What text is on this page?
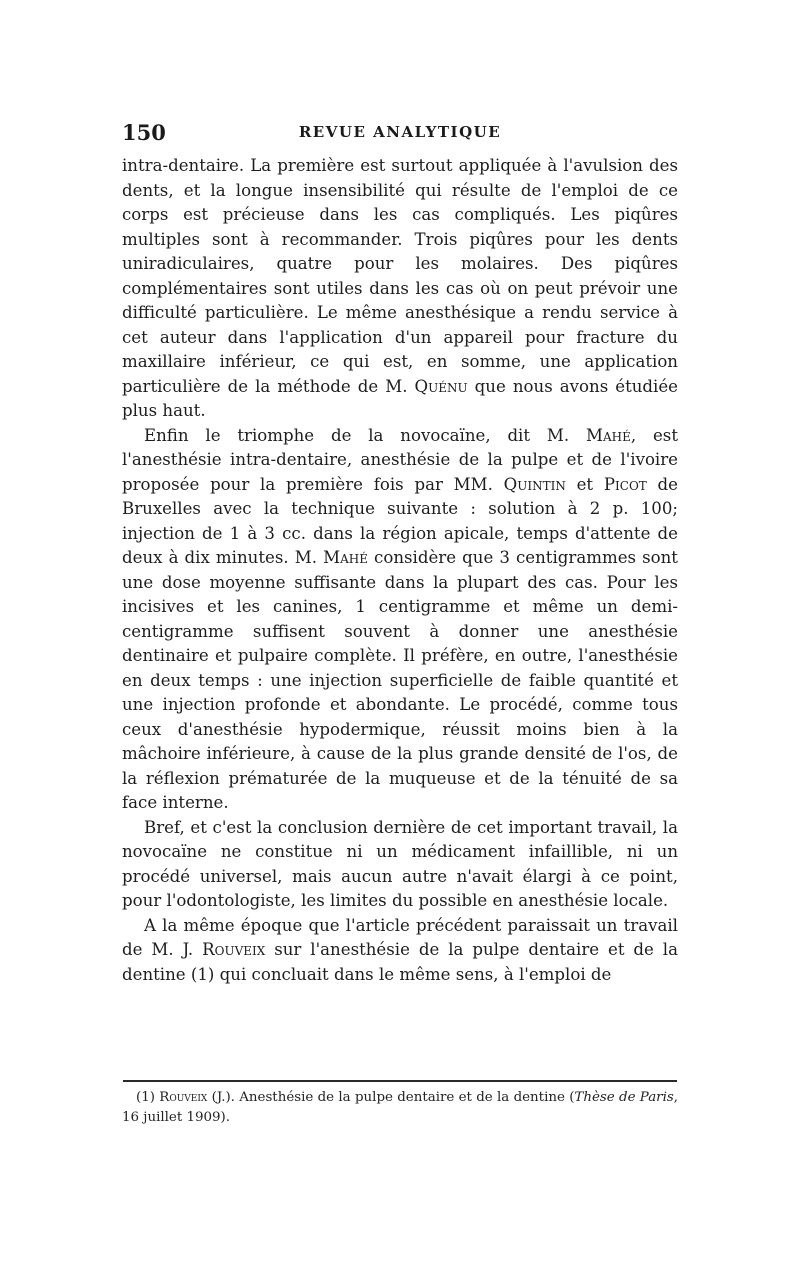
150	REVUE ANALYTIQUE

intra-dentaire. La première est surtout appliquée à l'avulsion des dents, et la longue insensibilité qui résulte de l'emploi de ce corps est précieuse dans les cas compliqués. Les piqûres multiples sont à recommander. Trois piqûres pour les dents uniradiculaires, quatre pour les molaires. Des piqûres complémentaires sont utiles dans les cas où on peut prévoir une difficulté particulière. Le même anesthésique a rendu service à cet auteur dans l'application d'un appareil pour fracture du maxillaire inférieur, ce qui est, en somme, une application particulière de la méthode de M. Quénu que nous avons étudiée plus haut.

Enfin le triomphe de la novocaïne, dit M. Mahé, est l'anesthésie intra-dentaire, anesthésie de la pulpe et de l'ivoire proposée pour la première fois par MM. Quintin et Picot de Bruxelles avec la technique suivante : solution à 2 p. 100; injection de 1 à 3 cc. dans la région apicale, temps d'attente de deux à dix minutes. M. Mahé considère que 3 centigrammes sont une dose moyenne suffisante dans la plupart des cas. Pour les incisives et les canines, 1 centigramme et même un demi-centigramme suffisent souvent à donner une anesthésie dentinaire et pulpaire complète. Il préfère, en outre, l'anesthésie en deux temps : une injection superficielle de faible quantité et une injection profonde et abondante. Le procédé, comme tous ceux d'anesthésie hypodermique, réussit moins bien à la mâchoire inférieure, à cause de la plus grande densité de l'os, de la réflexion prématurée de la muqueuse et de la ténuité de sa face interne.

Bref, et c'est la conclusion dernière de cet important travail, la novocaïne ne constitue ni un médicament infaillible, ni un procédé universel, mais aucun autre n'avait élargi à ce point, pour l'odontologiste, les limites du possible en anesthésie locale.

A la même époque que l'article précédent paraissait un travail de M. J. Rouveix sur l'anesthésie de la pulpe dentaire et de la dentine (1) qui concluait dans le même sens, à l'emploi de

(1) Rouveix (J.). Anesthésie de la pulpe dentaire et de la dentine (Thèse de Paris, 16 juillet 1909).
